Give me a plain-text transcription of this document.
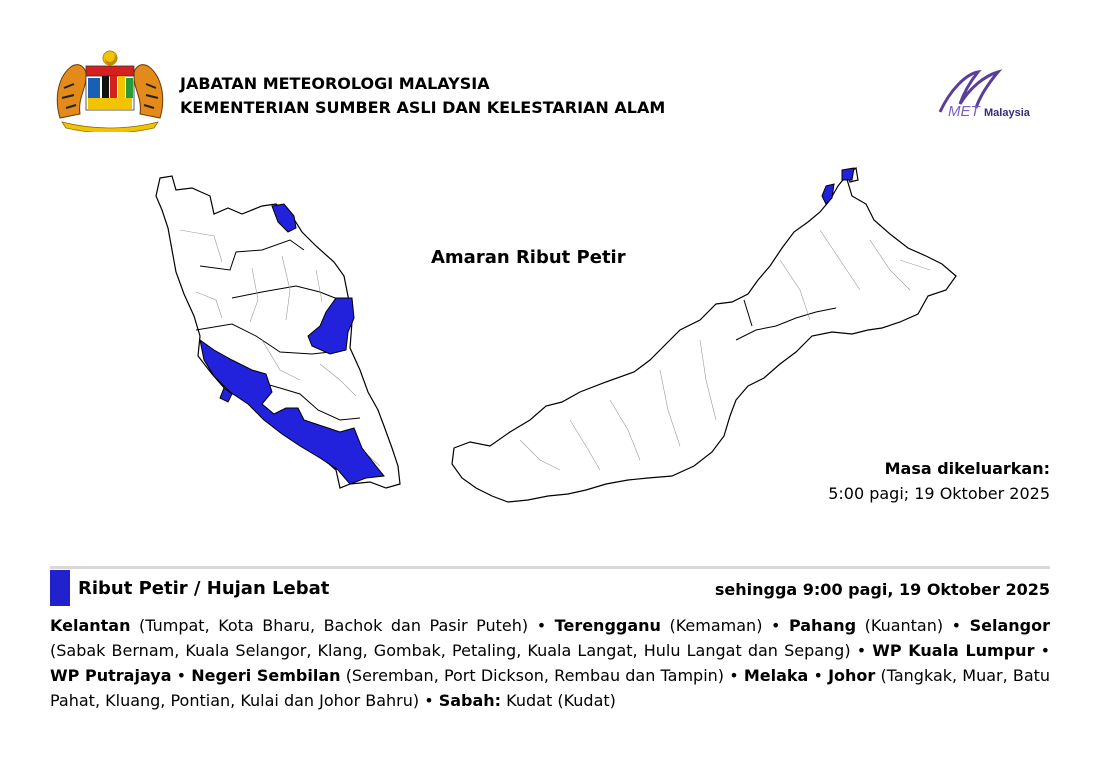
JABATAN METEOROLOGI MALAYSIA
KEMENTERIAN SUMBER ASLI DAN KELESTARIAN ALAM	MET Malaysia
Amaran Ribut Petir
Masa dikeluarkan:
5:00 pagi; 19 Oktober 2025
Ribut Petir / Hujan Lebat	sehingga 9:00 pagi, 19 Oktober 2025
Kelantan (Tumpat, Kota Bharu, Bachok dan Pasir Puteh) • Terengganu (Kemaman) • Pahang (Kuantan) • Selangor (Sabak Bernam, Kuala Selangor, Klang, Gombak, Petaling, Kuala Langat, Hulu Langat dan Sepang) • WP Kuala Lumpur • WP Putrajaya • Negeri Sembilan (Seremban, Port Dickson, Rembau dan Tampin) • Melaka • Johor (Tangkak, Muar, Batu Pahat, Kluang, Pontian, Kulai dan Johor Bahru) • Sabah: Kudat (Kudat)
